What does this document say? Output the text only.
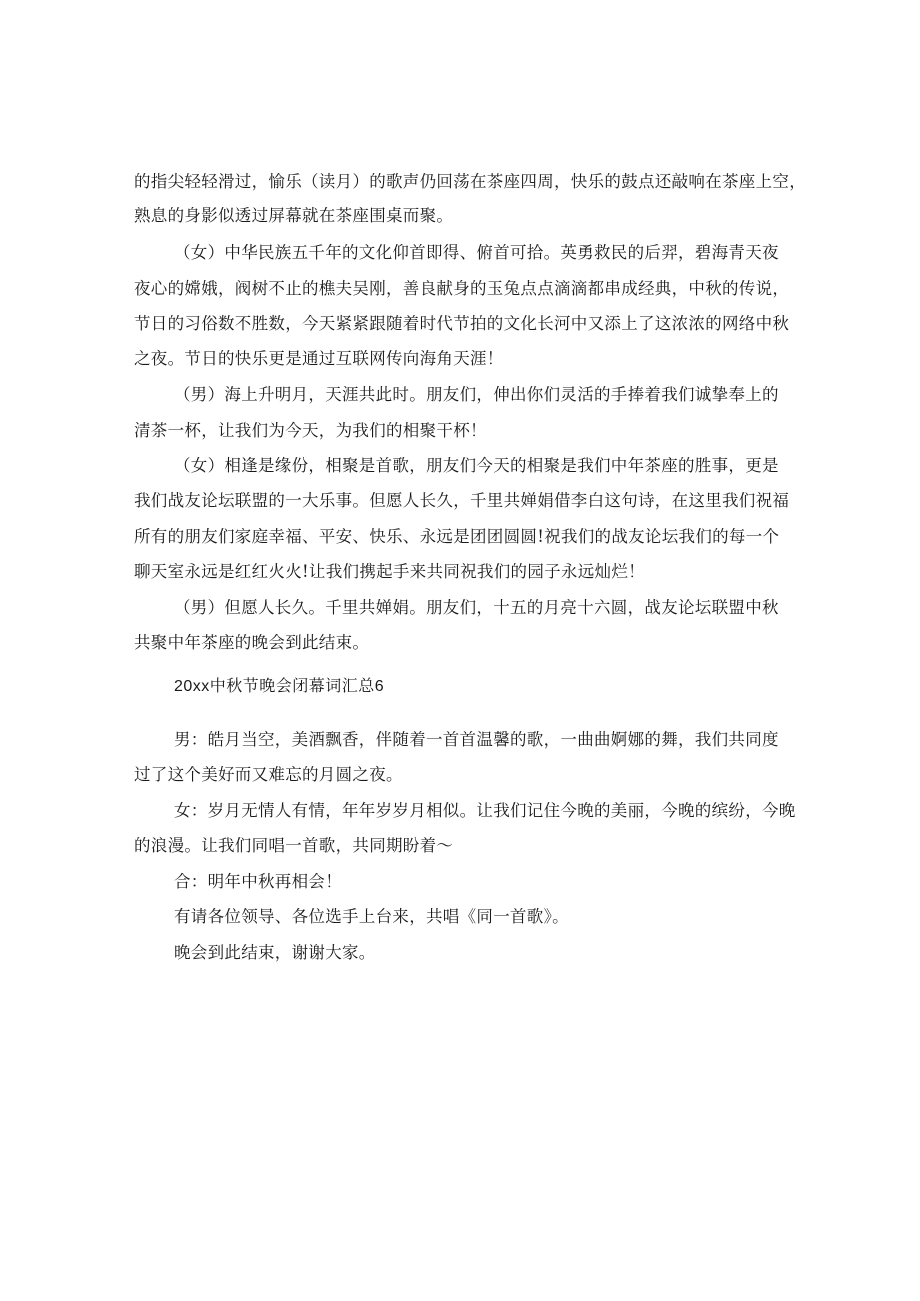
的指尖轻轻滑过，愉乐（读月）的歌声仍回荡在茶座四周，快乐的鼓点还敲响在茶座上空，

熟息的身影似透过屏幕就在茶座围桌而聚。

（女）中华民族五千年的文化仰首即得、俯首可拾。英勇救民的后羿，碧海青天夜

夜心的嫦娥，阀树不止的樵夫吴刚，善良献身的玉兔点点滴滴都串成经典，中秋的传说，

节日的习俗数不胜数，今天紧紧跟随着时代节拍的文化长河中又添上了这浓浓的网络中秋

之夜。节日的快乐更是通过互联网传向海角天涯！

（男）海上升明月，天涯共此时。朋友们，伸出你们灵活的手捧着我们诚挚奉上的

清茶一杯，让我们为今天，为我们的相聚干杯！

（女）相逢是缘份，相聚是首歌，朋友们今天的相聚是我们中年茶座的胜事，更是

我们战友论坛联盟的一大乐事。但愿人长久，千里共婵娟借李白这句诗，在这里我们祝福

所有的朋友们家庭幸福、平安、快乐、永远是团团圆圆!祝我们的战友论坛我们的每一个

聊天室永远是红红火火!让我们携起手来共同祝我们的园子永远灿烂！

（男）但愿人长久。千里共婵娟。朋友们，十五的月亮十六圆，战友论坛联盟中秋

共聚中年茶座的晚会到此结束。

20xx中秋节晚会闭幕词汇总6

男：皓月当空，美酒飘香，伴随着一首首温馨的歌，一曲曲婀娜的舞，我们共同度

过了这个美好而又难忘的月圆之夜。

女：岁月无情人有情，年年岁岁月相似。让我们记住今晚的美丽，今晚的缤纷，今晚

的浪漫。让我们同唱一首歌，共同期盼着～

合：明年中秋再相会！

有请各位领导、各位选手上台来，共唱《同一首歌》。

晚会到此结束，谢谢大家。
